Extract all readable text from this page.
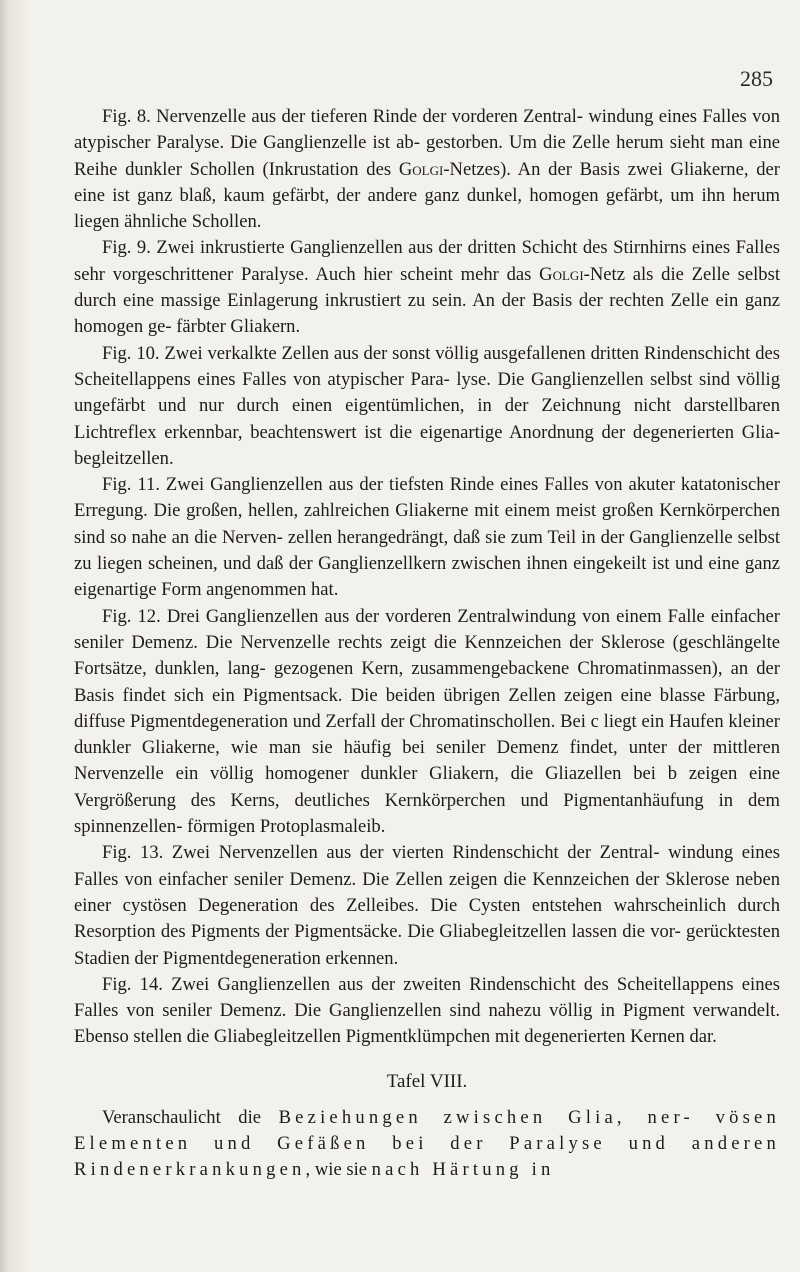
285

Fig. 8. Nervenzelle aus der tieferen Rinde der vorderen Zentral- windung eines Falles von atypischer Paralyse. Die Ganglienzelle ist ab- gestorben. Um die Zelle herum sieht man eine Reihe dunkler Schollen (Inkrustation des Golgi-Netzes). An der Basis zwei Gliakerne, der eine ist ganz blaß, kaum gefärbt, der andere ganz dunkel, homogen gefärbt, um ihn herum liegen ähnliche Schollen.

Fig. 9. Zwei inkrustierte Ganglienzellen aus der dritten Schicht des Stirnhirns eines Falles sehr vorgeschrittener Paralyse. Auch hier scheint mehr das Golgi-Netz als die Zelle selbst durch eine massige Einlagerung inkrustiert zu sein. An der Basis der rechten Zelle ein ganz homogen ge- färbter Gliakern.

Fig. 10. Zwei verkalkte Zellen aus der sonst völlig ausgefallenen dritten Rindenschicht des Scheitellappens eines Falles von atypischer Para- lyse. Die Ganglienzellen selbst sind völlig ungefärbt und nur durch einen eigentümlichen, in der Zeichnung nicht darstellbaren Lichtreflex erkennbar, beachtenswert ist die eigenartige Anordnung der degenerierten Glia- begleitzellen.

Fig. 11. Zwei Ganglienzellen aus der tiefsten Rinde eines Falles von akuter katatonischer Erregung. Die großen, hellen, zahlreichen Gliakerne mit einem meist großen Kernkörperchen sind so nahe an die Nerven- zellen herangedrängt, daß sie zum Teil in der Ganglienzelle selbst zu liegen scheinen, und daß der Ganglienzellkern zwischen ihnen eingekeilt ist und eine ganz eigenartige Form angenommen hat.

Fig. 12. Drei Ganglienzellen aus der vorderen Zentralwindung von einem Falle einfacher seniler Demenz. Die Nervenzelle rechts zeigt die Kennzeichen der Sklerose (geschlängelte Fortsätze, dunklen, lang- gezogenen Kern, zusammengebackene Chromatinmassen), an der Basis findet sich ein Pigmentsack. Die beiden übrigen Zellen zeigen eine blasse Färbung, diffuse Pigmentdegeneration und Zerfall der Chromatinschollen. Bei c liegt ein Haufen kleiner dunkler Gliakerne, wie man sie häufig bei seniler Demenz findet, unter der mittleren Nervenzelle ein völlig homogener dunkler Gliakern, die Gliazellen bei b zeigen eine Vergrößerung des Kerns, deutliches Kernkörperchen und Pigmentanhäufung in dem spinnenzellen- förmigen Protoplasmaleib.

Fig. 13. Zwei Nervenzellen aus der vierten Rindenschicht der Zentral- windung eines Falles von einfacher seniler Demenz. Die Zellen zeigen die Kennzeichen der Sklerose neben einer cystösen Degeneration des Zelleibes. Die Cysten entstehen wahrscheinlich durch Resorption des Pigments der Pigmentsäcke. Die Gliabegleitzellen lassen die vor- gerücktesten Stadien der Pigmentdegeneration erkennen.

Fig. 14. Zwei Ganglienzellen aus der zweiten Rindenschicht des Scheitellappens eines Falles von seniler Demenz. Die Ganglienzellen sind nahezu völlig in Pigment verwandelt. Ebenso stellen die Gliabegleitzellen Pigmentklümpchen mit degenerierten Kernen dar.

Tafel VIII.

Veranschaulicht die Beziehungen zwischen Glia, ner- vösen Elementen und Gefäßen bei der Paralyse und anderen Rindenerkrankungen, wie sie nach Härtung in
